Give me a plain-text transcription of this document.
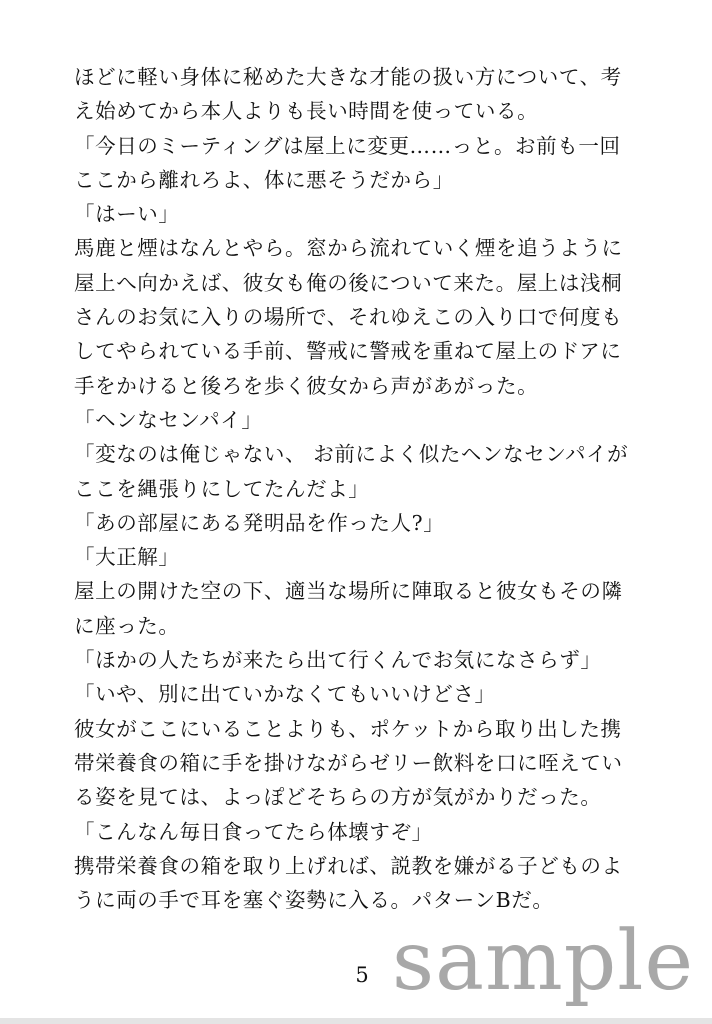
ほどに軽い身体に秘めた大きな才能の扱い方について、考
え始めてから本人よりも長い時間を使っている。
「今日のミーティングは屋上に変更……っと。お前も一回
ここから離れろよ、体に悪そうだから」
「はーい」
馬鹿と煙はなんとやら。窓から流れていく煙を追うように
屋上へ向かえば、彼女も俺の後について来た。屋上は浅桐
さんのお気に入りの場所で、それゆえこの入り口で何度も
してやられている手前、警戒に警戒を重ねて屋上のドアに
手をかけると後ろを歩く彼女から声があがった。
「ヘンなセンパイ」
「変なのは俺じゃない、 お前によく似たヘンなセンパイが
ここを縄張りにしてたんだよ」
「あの部屋にある発明品を作った人?」
「大正解」
屋上の開けた空の下、適当な場所に陣取ると彼女もその隣
に座った。
「ほかの人たちが来たら出て行くんでお気になさらず」
「いや、別に出ていかなくてもいいけどさ」
彼女がここにいることよりも、ポケットから取り出した携
帯栄養食の箱に手を掛けながらゼリー飲料を口に咥えてい
る姿を見ては、よっぽどそちらの方が気がかりだった。
「こんなん毎日食ってたら体壊すぞ」
携帯栄養食の箱を取り上げれば、説教を嫌がる子どものよ
うに両の手で耳を塞ぐ姿勢に入る。パターンBだ。
5 sample
